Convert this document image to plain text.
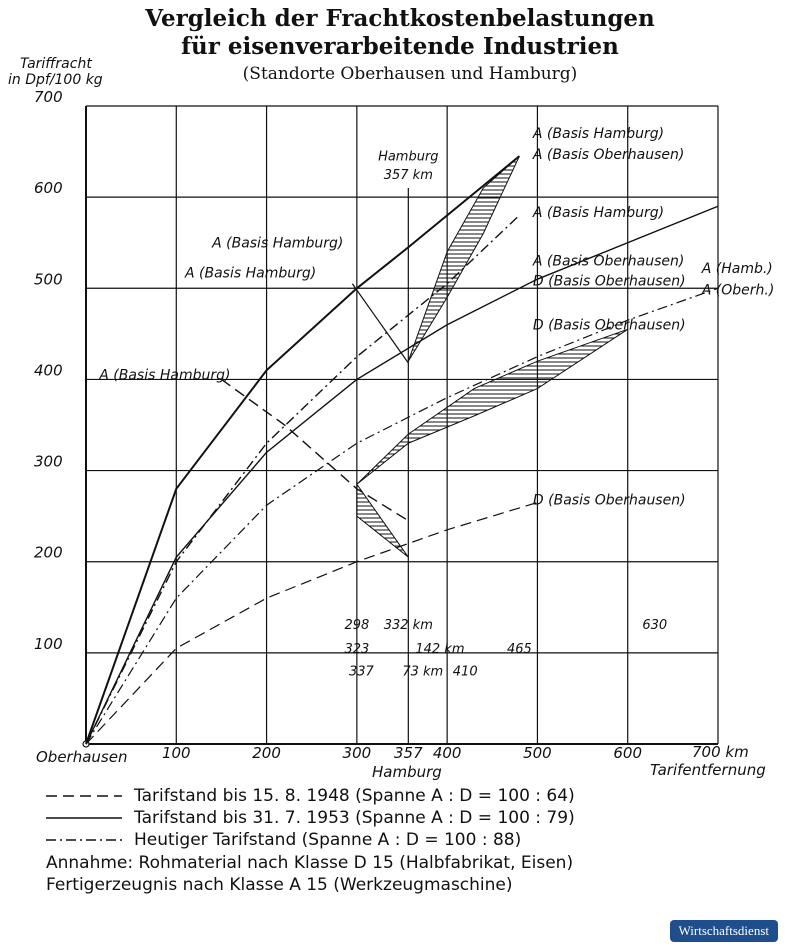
Vergleich der Frachtkostenbelastungen
für eisenverarbeitende Industrien
(Standorte Oberhausen und Hamburg)
Tariffracht
in Dpf/100 kg
700 km
Tarifentfernung
Oberhausen
Hamburg
100
200
300
400
500
600
700
100	200	300	400	500	600
357
A (Basis Hamburg)
A (Basis Oberhausen)
A (Basis Hamburg)
A (Basis Oberhausen)
D (Basis Oberhausen)
A (Hamb.)
A (Oberh.)
D (Basis Oberhausen)
D (Basis Oberhausen)
A (Basis Hamburg)
A (Basis Hamburg)
A (Basis Hamburg)
Hamburg
357 km
298 332 km	630
323	142 km	465
337 73 km 410
Tarifstand bis 15. 8. 1948 (Spanne A : D = 100 : 64)
Tarifstand bis 31. 7. 1953 (Spanne A : D = 100 : 79)
Heutiger Tarifstand (Spanne A : D = 100 : 88)
Annahme: Rohmaterial nach Klasse D 15 (Halbfabrikat, Eisen)
Fertigerzeugnis nach Klasse A 15 (Werkzeugmaschine)
Wirtschaftsdienst
